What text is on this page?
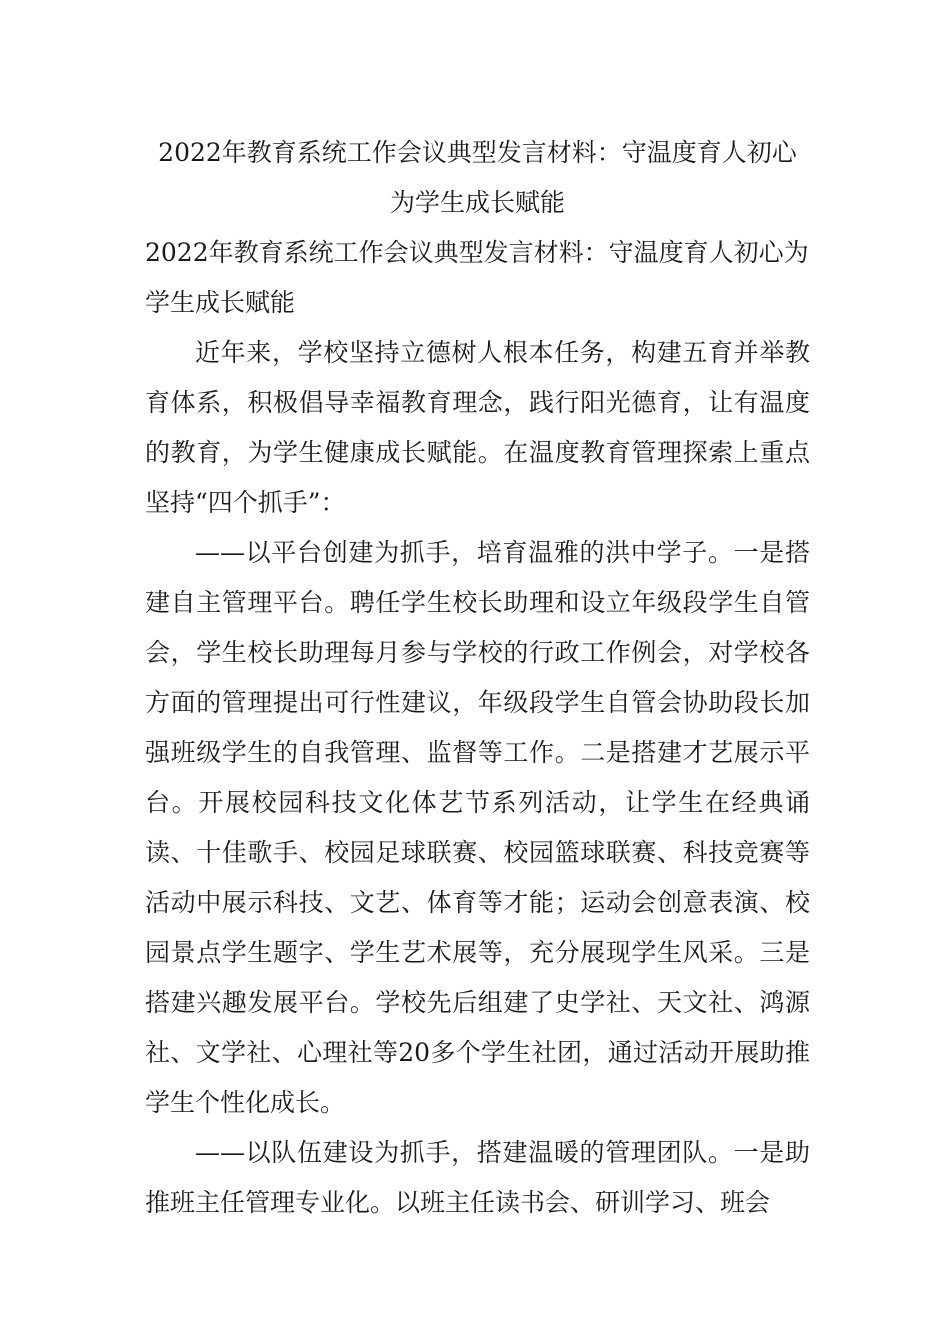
2022年教育系统工作会议典型发言材料：守温度育人初心

为学生成长赋能

2022年教育系统工作会议典型发言材料：守温度育人初心为学生成长赋能

近年来，学校坚持立德树人根本任务，构建五育并举教育体系，积极倡导幸福教育理念，践行阳光德育，让有温度的教育，为学生健康成长赋能。在温度教育管理探索上重点坚持“四个抓手”：

——以平台创建为抓手，培育温雅的洪中学子。一是搭建自主管理平台。聘任学生校长助理和设立年级段学生自管会，学生校长助理每月参与学校的行政工作例会，对学校各方面的管理提出可行性建议，年级段学生自管会协助段长加强班级学生的自我管理、监督等工作。二是搭建才艺展示平台。开展校园科技文化体艺节系列活动，让学生在经典诵读、十佳歌手、校园足球联赛、校园篮球联赛、科技竞赛等活动中展示科技、文艺、体育等才能；运动会创意表演、校园景点学生题字、学生艺术展等，充分展现学生风采。三是搭建兴趣发展平台。学校先后组建了史学社、天文社、鸿源社、文学社、心理社等20多个学生社团，通过活动开展助推学生个性化成长。

——以队伍建设为抓手，搭建温暖的管理团队。一是助推班主任管理专业化。以班主任读书会、研训学习、班会
